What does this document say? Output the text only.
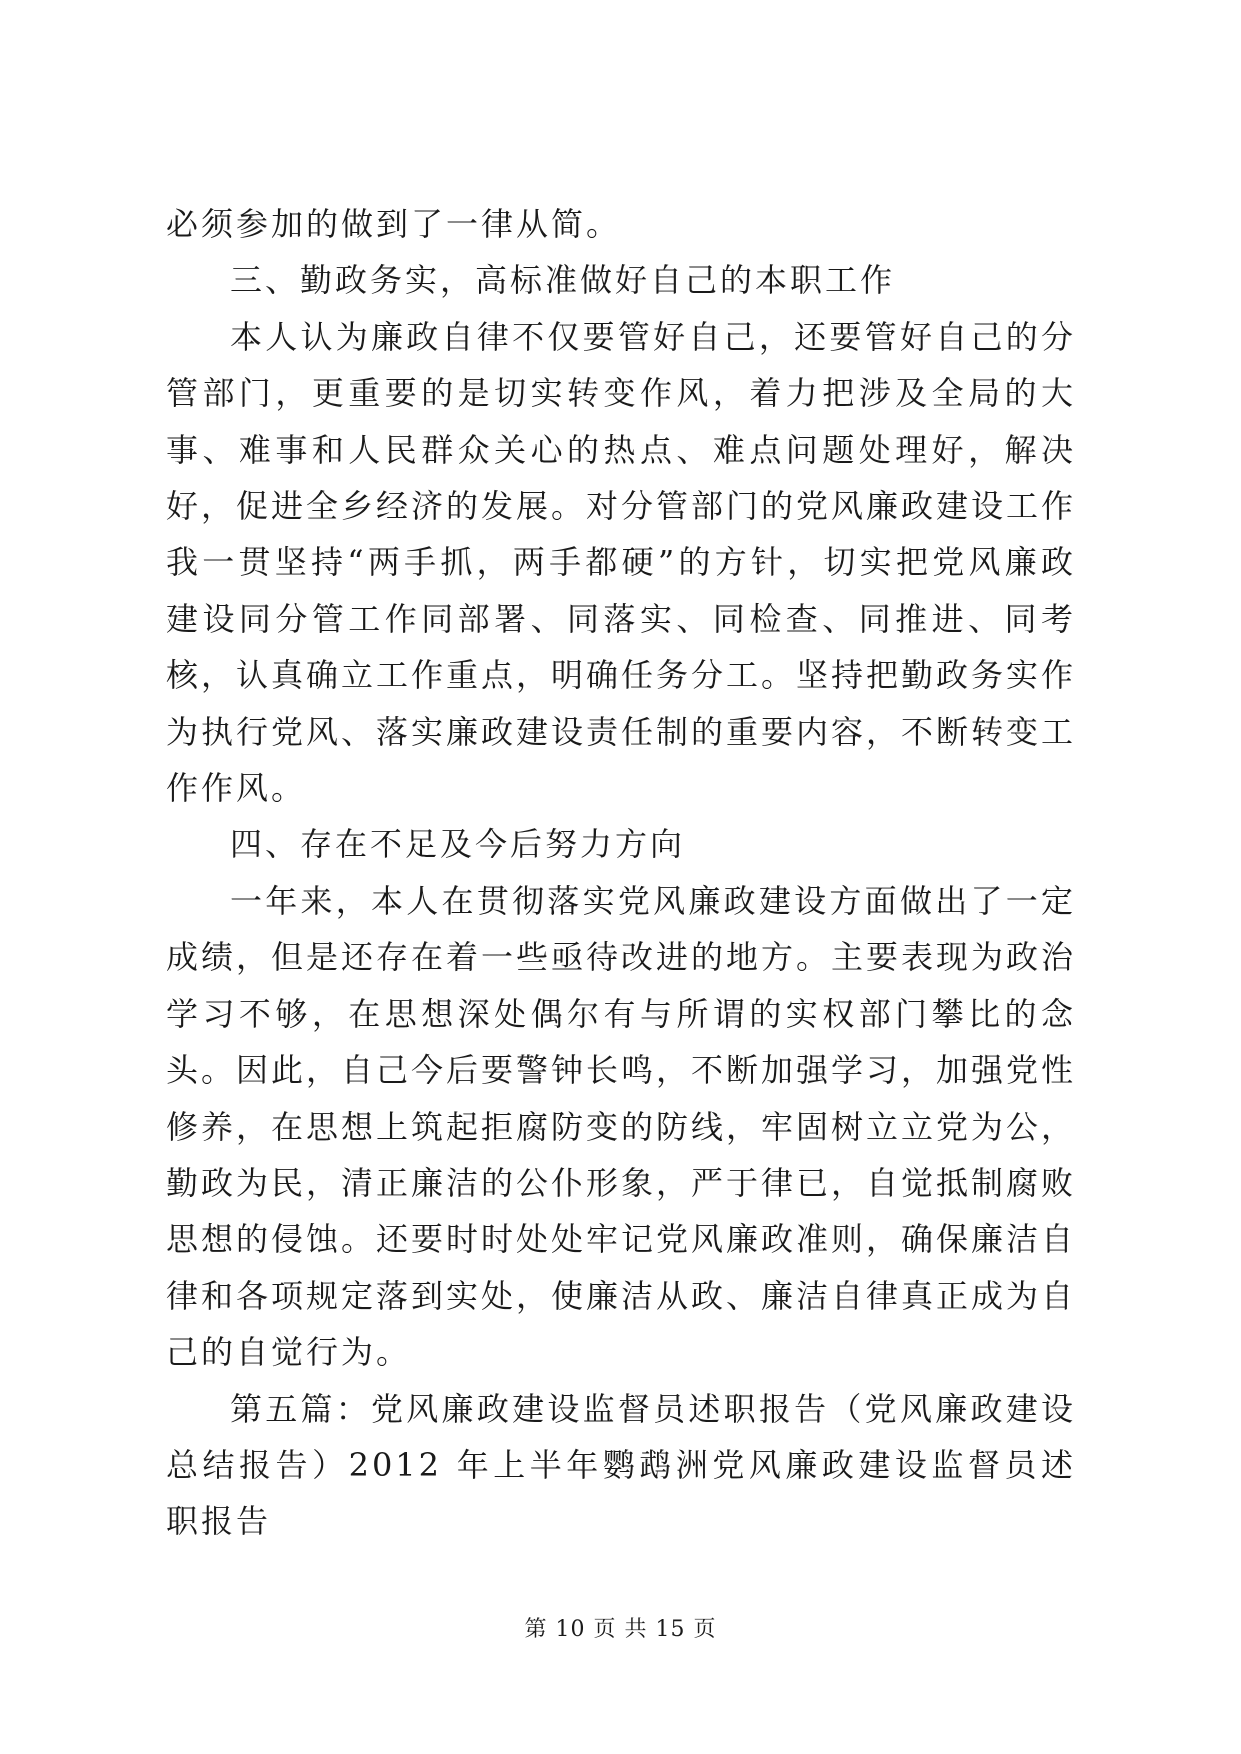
必须参加的做到了一律从简。

三、勤政务实，高标准做好自己的本职工作

本人认为廉政自律不仅要管好自己，还要管好自己的分管部门，更重要的是切实转变作风，着力把涉及全局的大事、难事和人民群众关心的热点、难点问题处理好，解决好，促进全乡经济的发展。对分管部门的党风廉政建设工作我一贯坚持“两手抓，两手都硬”的方针，切实把党风廉政建设同分管工作同部署、同落实、同检查、同推进、同考核，认真确立工作重点，明确任务分工。坚持把勤政务实作为执行党风、落实廉政建设责任制的重要内容，不断转变工作作风。

四、存在不足及今后努力方向

一年来，本人在贯彻落实党风廉政建设方面做出了一定成绩，但是还存在着一些亟待改进的地方。主要表现为政治学习不够，在思想深处偶尔有与所谓的实权部门攀比的念头。因此，自己今后要警钟长鸣，不断加强学习，加强党性修养，在思想上筑起拒腐防变的防线，牢固树立立党为公，勤政为民，清正廉洁的公仆形象，严于律已，自觉抵制腐败思想的侵蚀。还要时时处处牢记党风廉政准则，确保廉洁自律和各项规定落到实处，使廉洁从政、廉洁自律真正成为自己的自觉行为。

第五篇：党风廉政建设监督员述职报告（党风廉政建设总结报告）2012 年上半年鹦鹉洲党风廉政建设监督员述职报告

第 10 页 共 15 页
